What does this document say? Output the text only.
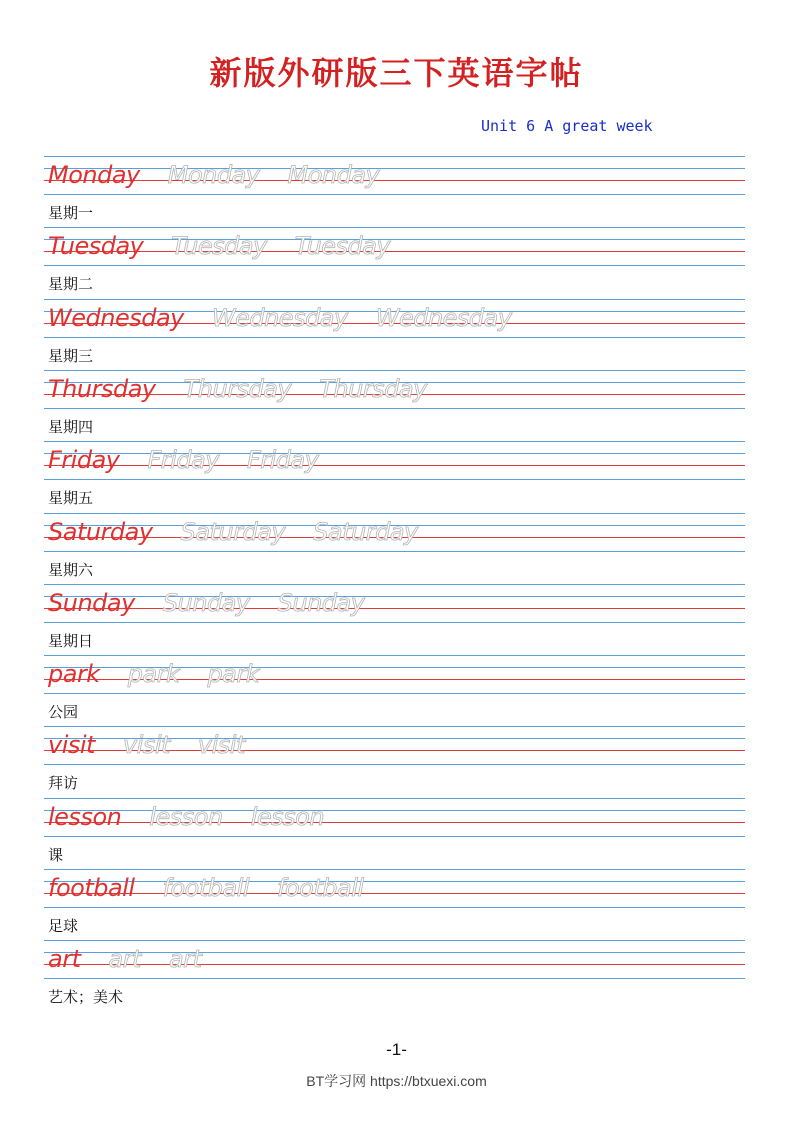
新版外研版三下英语字帖
Unit 6 A great week
Monday Monday Monday
星期一
Tuesday Tuesday Tuesday
星期二
Wednesday Wednesday Wednesday
星期三
Thursday Thursday Thursday
星期四
Friday Friday Friday
星期五
Saturday Saturday Saturday
星期六
Sunday Sunday Sunday
星期日
park park park
公园
visit visit visit
拜访
lesson lesson lesson
课
football football football
足球
art art art
艺术；美术
-1-
BT学习网 https://btxuexi.com
